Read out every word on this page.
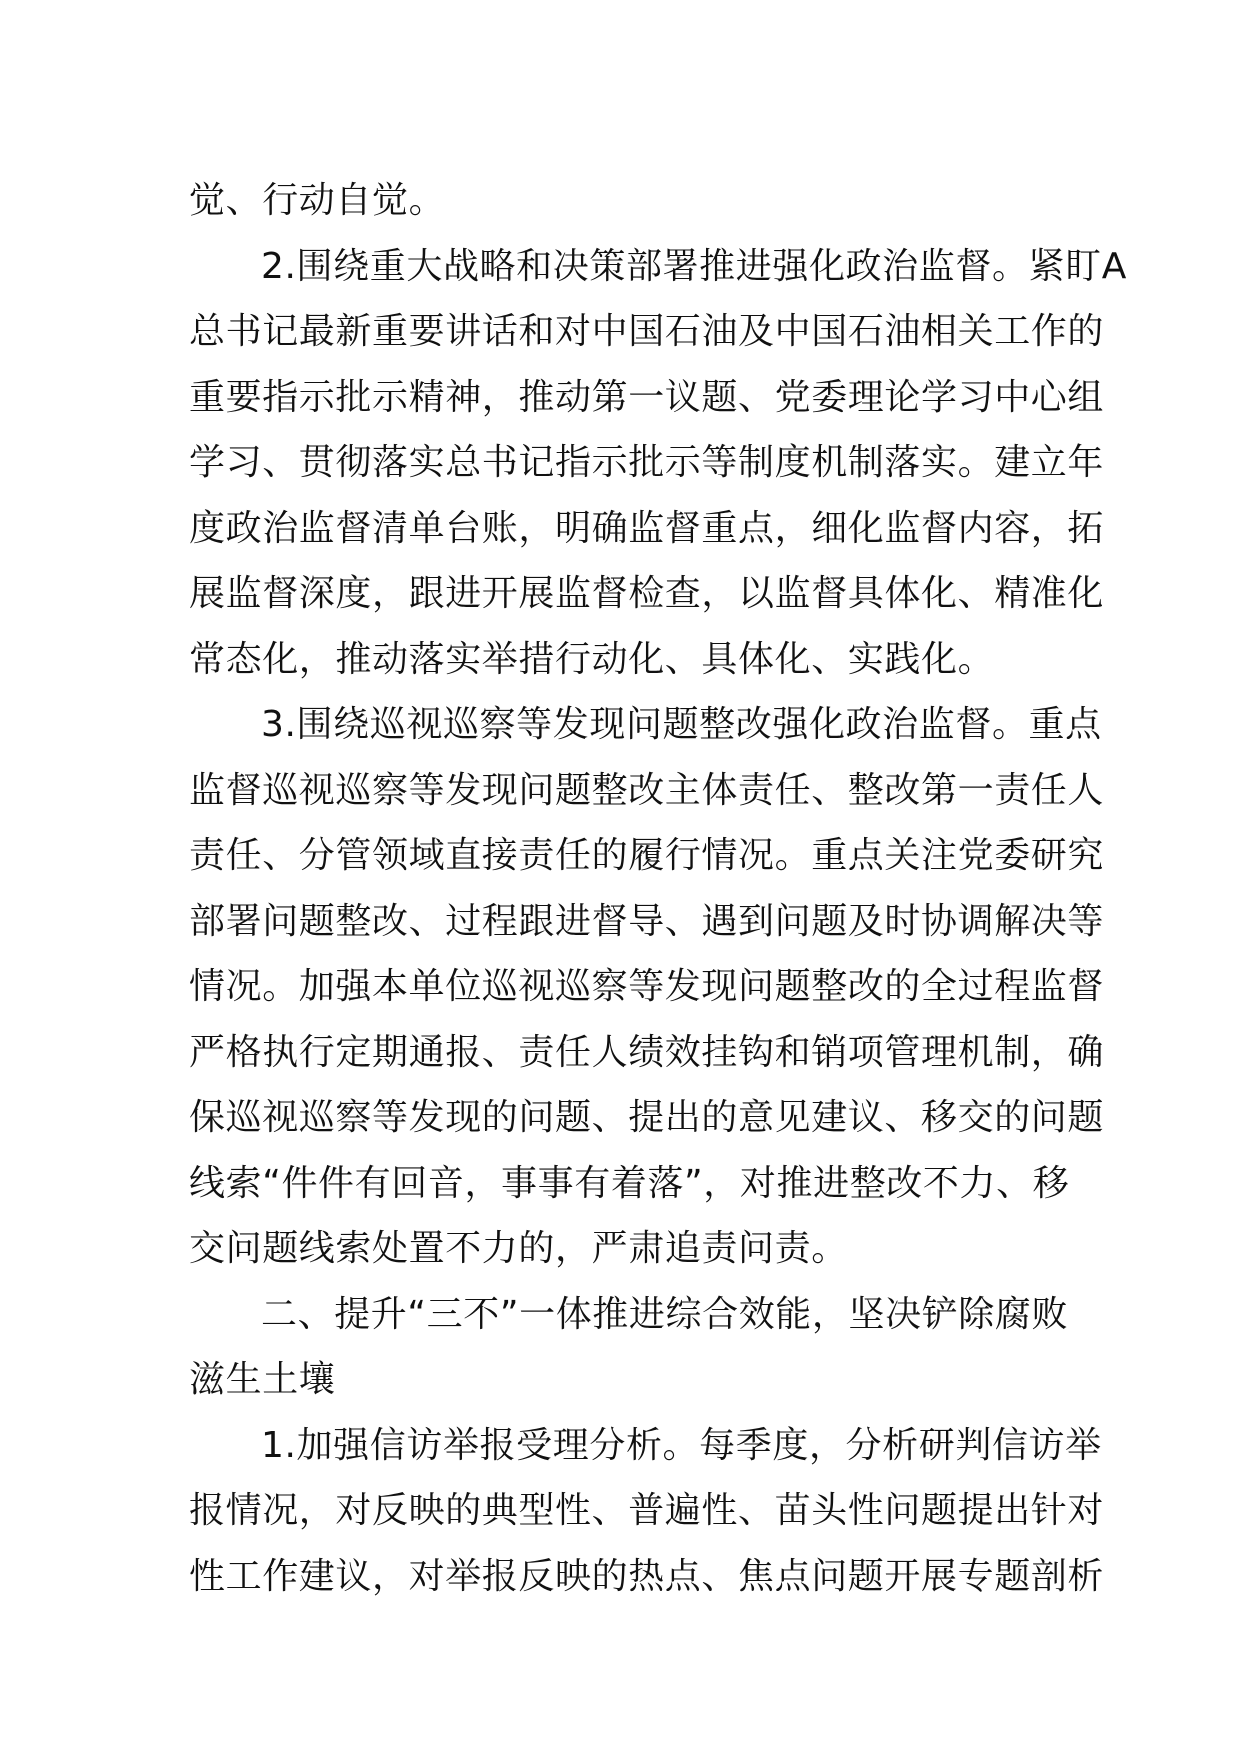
觉、行动自觉。

2.围绕重大战略和决策部署推进强化政治监督。紧盯A

总书记最新重要讲话和对中国石油及中国石油相关工作的

重要指示批示精神，推动第一议题、党委理论学习中心组

学习、贯彻落实总书记指示批示等制度机制落实。建立年

度政治监督清单台账，明确监督重点，细化监督内容，拓

展监督深度，跟进开展监督检查，以监督具体化、精准化

常态化，推动落实举措行动化、具体化、实践化。

3.围绕巡视巡察等发现问题整改强化政治监督。重点

监督巡视巡察等发现问题整改主体责任、整改第一责任人

责任、分管领域直接责任的履行情况。重点关注党委研究

部署问题整改、过程跟进督导、遇到问题及时协调解决等

情况。加强本单位巡视巡察等发现问题整改的全过程监督

严格执行定期通报、责任人绩效挂钩和销项管理机制，确

保巡视巡察等发现的问题、提出的意见建议、移交的问题

线索“件件有回音，事事有着落”，对推进整改不力、移

交问题线索处置不力的，严肃追责问责。

二、提升“三不”一体推进综合效能，坚决铲除腐败

滋生土壤

1.加强信访举报受理分析。每季度，分析研判信访举

报情况，对反映的典型性、普遍性、苗头性问题提出针对

性工作建议，对举报反映的热点、焦点问题开展专题剖析
